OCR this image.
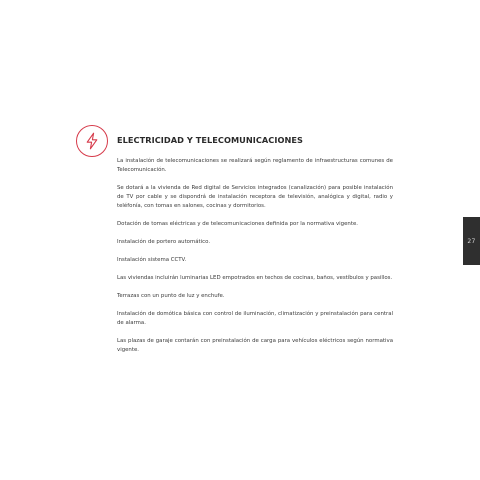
ELECTRICIDAD Y TELECOMUNICACIONES

La instalación de telecomunicaciones se realizará según reglamento de infraestructuras comunes de Telecomunicación.

Se dotará a la vivienda de Red digital de Servicios integrados (canalización) para posible instalación de TV por cable y se dispondrá de instalación receptora de televisión, analógica y digital, radio y teléfonía, con tomas en salones, cocinas y dormitorios.

Dotación de tomas eléctricas y de telecomunicaciones definida por la normativa vigente.

Instalación de portero automático.

Instalación sistema CCTV.

Las viviendas incluirán luminarias LED empotrados en techos de cocinas, baños, vestíbulos y pasillos.

Terrazas con un punto de luz y enchufe.

Instalación de domótica básica con control de iluminación, climatización y preinstalación para central de alarma.

Las plazas de garaje contarán con preinstalación de carga para vehículos eléctricos según normativa vigente.

27
